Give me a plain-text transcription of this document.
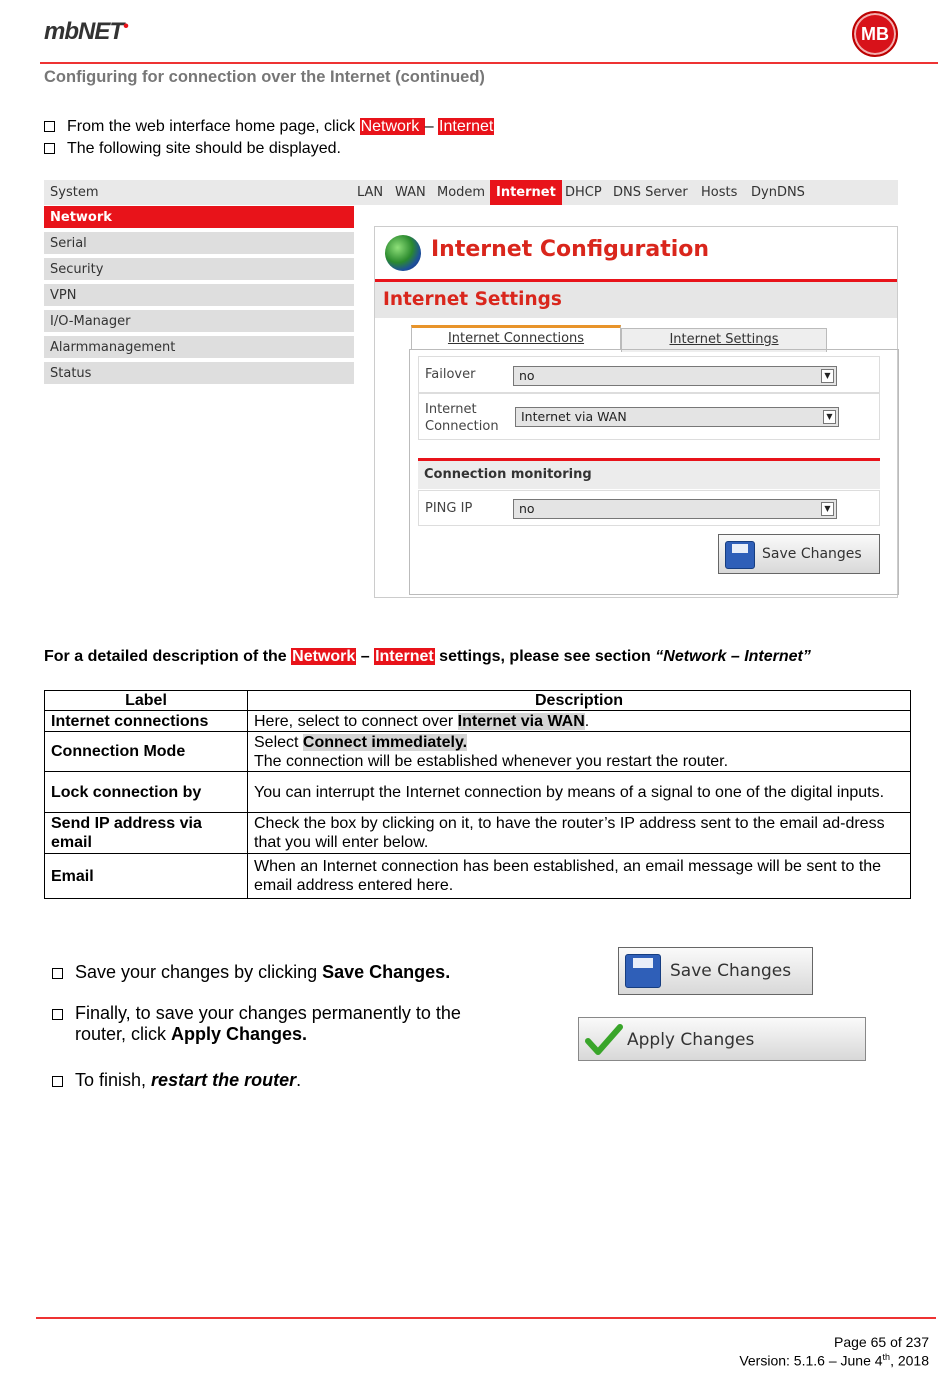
mbNET•	MB
Configuring for connection over the Internet (continued)
From the web interface home page, click Network – Internet
The following site should be displayed.
System	LAN WAN Modem Internet DHCP DNS Server Hosts DynDNS
Network
Serial
Security
VPN
I/O-Manager
Alarmmanagement
Status
Internet Configuration
Internet Settings
Internet Connections	Internet Settings
Failover	no	▼
Internet
Connection
Internet via WAN	▼
Connection monitoring
PING IP	no	▼
Save Changes
For a detailed description of the Network – Internet settings, please see section “Network – Internet”
Label	Description
Internet connections	Here, select to connect over Internet via WAN.
Connection Mode	Select Connect immediately.
The connection will be established whenever you restart the router.
Lock connection by	You can interrupt the Internet connection by means of a signal to one of the digital inputs.
Send IP address via email	Check the box by clicking on it, to have the router’s IP address sent to the email ad-dress that you will enter below.
Email	When an Internet connection has been established, an email message will be sent to the email address entered here.
Save your changes by clicking Save Changes.
Finally, to save your changes permanently to the
router, click Apply Changes.
To finish, restart the router.
Save Changes
Apply Changes
Page 65 of 237
Version: 5.1.6 – June 4th, 2018
